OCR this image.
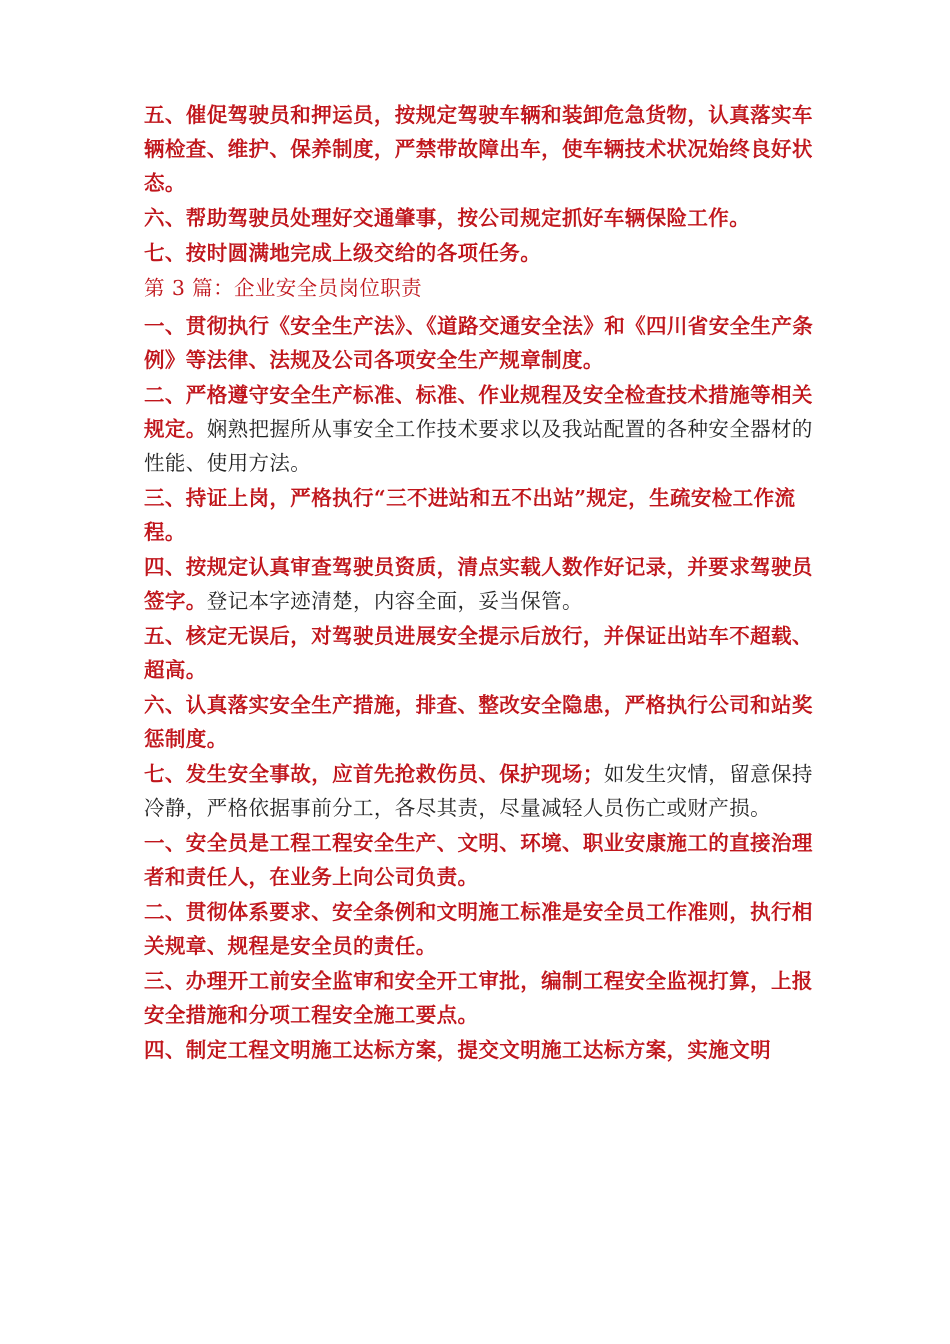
五、催促驾驶员和押运员，按规定驾驶车辆和装卸危急货物，认真落实车辆检查、维护、保养制度，严禁带故障出车，使车辆技术状况始终良好状态。

六、帮助驾驶员处理好交通肇事，按公司规定抓好车辆保险工作。

七、按时圆满地完成上级交给的各项任务。

第 3 篇：企业安全员岗位职责

一、贯彻执行《安全生产法》、《道路交通安全法》和《四川省安全生产条例》等法律、法规及公司各项安全生产规章制度。

二、严格遵守安全生产标准、标准、作业规程及安全检查技术措施等相关规定。娴熟把握所从事安全工作技术要求以及我站配置的各种安全器材的性能、使用方法。

三、持证上岗，严格执行“三不进站和五不出站”规定，生疏安检工作流程。

四、按规定认真审查驾驶员资质，清点实载人数作好记录，并要求驾驶员签字。登记本字迹清楚，内容全面，妥当保管。

五、核定无误后，对驾驶员进展安全提示后放行，并保证出站车不超载、超高。

六、认真落实安全生产措施，排查、整改安全隐患，严格执行公司和站奖惩制度。

七、发生安全事故，应首先抢救伤员、保护现场；如发生灾情，留意保持冷静，严格依据事前分工，各尽其责，尽量减轻人员伤亡或财产损。

一、安全员是工程工程安全生产、文明、环境、职业安康施工的直接治理者和责任人，在业务上向公司负责。

二、贯彻体系要求、安全条例和文明施工标准是安全员工作准则，执行相关规章、规程是安全员的责任。

三、办理开工前安全监审和安全开工审批，编制工程安全监视打算，上报安全措施和分项工程安全施工要点。

四、制定工程文明施工达标方案，提交文明施工达标方案，实施文明
